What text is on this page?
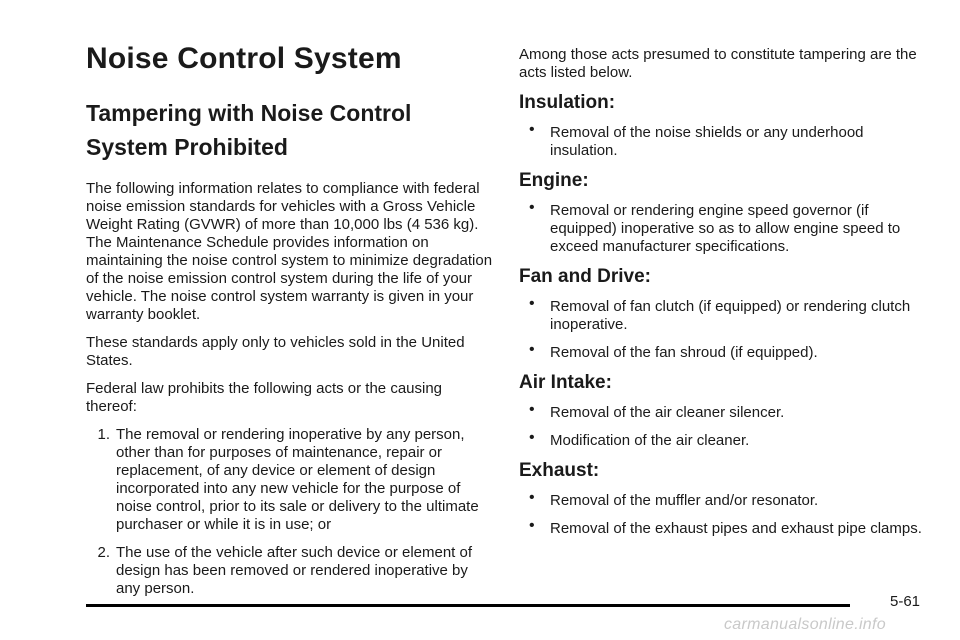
Noise Control System
Tampering with Noise Control System Prohibited

The following information relates to compliance with federal noise emission standards for vehicles with a Gross Vehicle Weight Rating (GVWR) of more than 10,000 lbs (4 536 kg). The Maintenance Schedule provides information on maintaining the noise control system to minimize degradation of the noise emission control system during the life of your vehicle. The noise control system warranty is given in your warranty booklet.

These standards apply only to vehicles sold in the United States.

Federal law prohibits the following acts or the causing thereof:

1. The removal or rendering inoperative by any person, other than for purposes of maintenance, repair or replacement, of any device or element of design incorporated into any new vehicle for the purpose of noise control, prior to its sale or delivery to the ultimate purchaser or while it is in use; or
2. The use of the vehicle after such device or element of design has been removed or rendered inoperative by any person.

Among those acts presumed to constitute tampering are the acts listed below.

Insulation:
• Removal of the noise shields or any underhood insulation.
Engine:
• Removal or rendering engine speed governor (if equipped) inoperative so as to allow engine speed to exceed manufacturer specifications.
Fan and Drive:
• Removal of fan clutch (if equipped) or rendering clutch inoperative.
• Removal of the fan shroud (if equipped).
Air Intake:
• Removal of the air cleaner silencer.
• Modification of the air cleaner.
Exhaust:
• Removal of the muffler and/or resonator.
• Removal of the exhaust pipes and exhaust pipe clamps.
5-61
carmanualsonline.info
